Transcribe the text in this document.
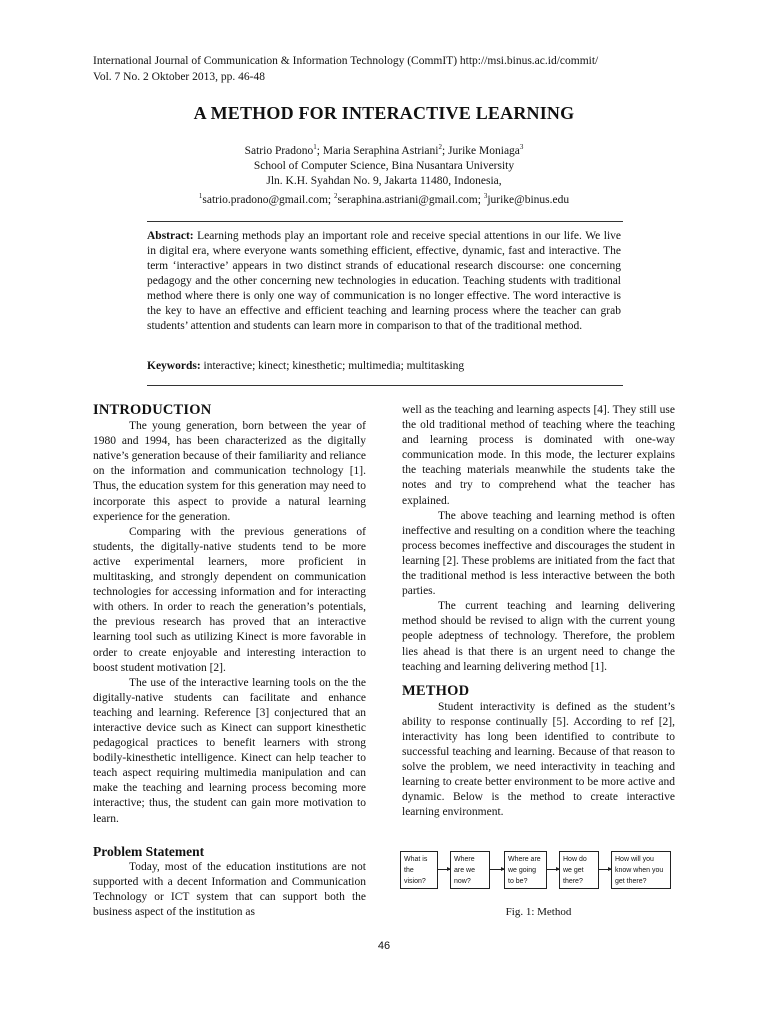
International Journal of Communication & Information Technology (CommIT) http://msi.binus.ac.id/commit/
Vol. 7 No. 2 Oktober 2013, pp. 46-48
A METHOD FOR INTERACTIVE LEARNING
Satrio Pradono$^1$; Maria Seraphina Astriani$^2$; Jurike Moniaga$^3$
School of Computer Science, Bina Nusantara University
Jln. K.H. Syahdan No. 9, Jakarta 11480, Indonesia,
$^1$satrio.pradono@gmail.com; $^2$seraphina.astriani@gmail.com; $^3$jurike@binus.edu
Abstract: Learning methods play an important role and receive special attentions in our life. We live in digital era, where everyone wants something efficient, effective, dynamic, fast and interactive. The term ‘interactive’ appears in two distinct strands of educational research discourse: one concerning pedagogy and the other concerning new technologies in education. Teaching students with traditional method where there is only one way of communication is no longer effective. The word interactive is the key to have an effective and efficient teaching and learning process where the teacher can grab students’ attention and students can learn more in comparison to that of the traditional method.
Keywords: interactive; kinect; kinesthetic; multimedia; multitasking
INTRODUCTION

The young generation, born between the year of 1980 and 1994, has been characterized as the digitally native’s generation because of their familiarity and reliance on the information and communication technology [1]. Thus, the education system for this generation may need to incorporate this aspect to provide a natural learning experience for the generation.

Comparing with the previous generations of students, the digitally-native students tend to be more active experimental learners, more proficient in multitasking, and strongly dependent on communication technologies for accessing information and for interacting with others. In order to reach the generation’s potentials, the previous research has proved that an interactive learning tool such as utilizing Kinect is more favorable in order to create enjoyable and interesting interaction to boost student motivation [2].

The use of the interactive learning tools on the the digitally-native students can facilitate and enhance teaching and learning. Reference [3] conjectured that an interactive device such as Kinect can support kinesthetic pedagogical practices to benefit learners with strong bodily-kinesthetic intelligence. Kinect can help teacher to teach aspect requiring multimedia manipulation and can make the teaching and learning process becoming more interactive; thus, the student can gain more motivation to learn.

Problem Statement

Today, most of the education institutions are not supported with a decent Information and Communication Technology or ICT system that can support both the business aspect of the institution as

well as the teaching and learning aspects [4]. They still use the old traditional method of teaching where the teaching and learning process is dominated with one-way communication mode. In this mode, the lecturer explains the teaching materials meanwhile the students take the notes and try to comprehend what the teacher has explained.

The above teaching and learning method is often ineffective and resulting on a condition where the teaching process becomes ineffective and discourages the student in learning [2]. These problems are initiated from the fact that the traditional method is less interactive between the both parties.

The current teaching and learning delivering method should be revised to align with the current young people adeptness of technology. Therefore, the problem lies ahead is that there is an urgent need to change the teaching and learning delivering method [1].

METHOD

Student interactivity is defined as the student’s ability to response continually [5]. According to ref [2], interactivity has long been identified to contribute to successful teaching and learning. Because of that reason to solve the problem, we need interactivity in teaching and learning to create better environment to be more active and dynamic. Below is the method to create interactive learning environment.

What is the vision?
Where are we now?
Where are we going to be?
How do we get there?
How will you know when you get there?
Fig. 1: Method
46
